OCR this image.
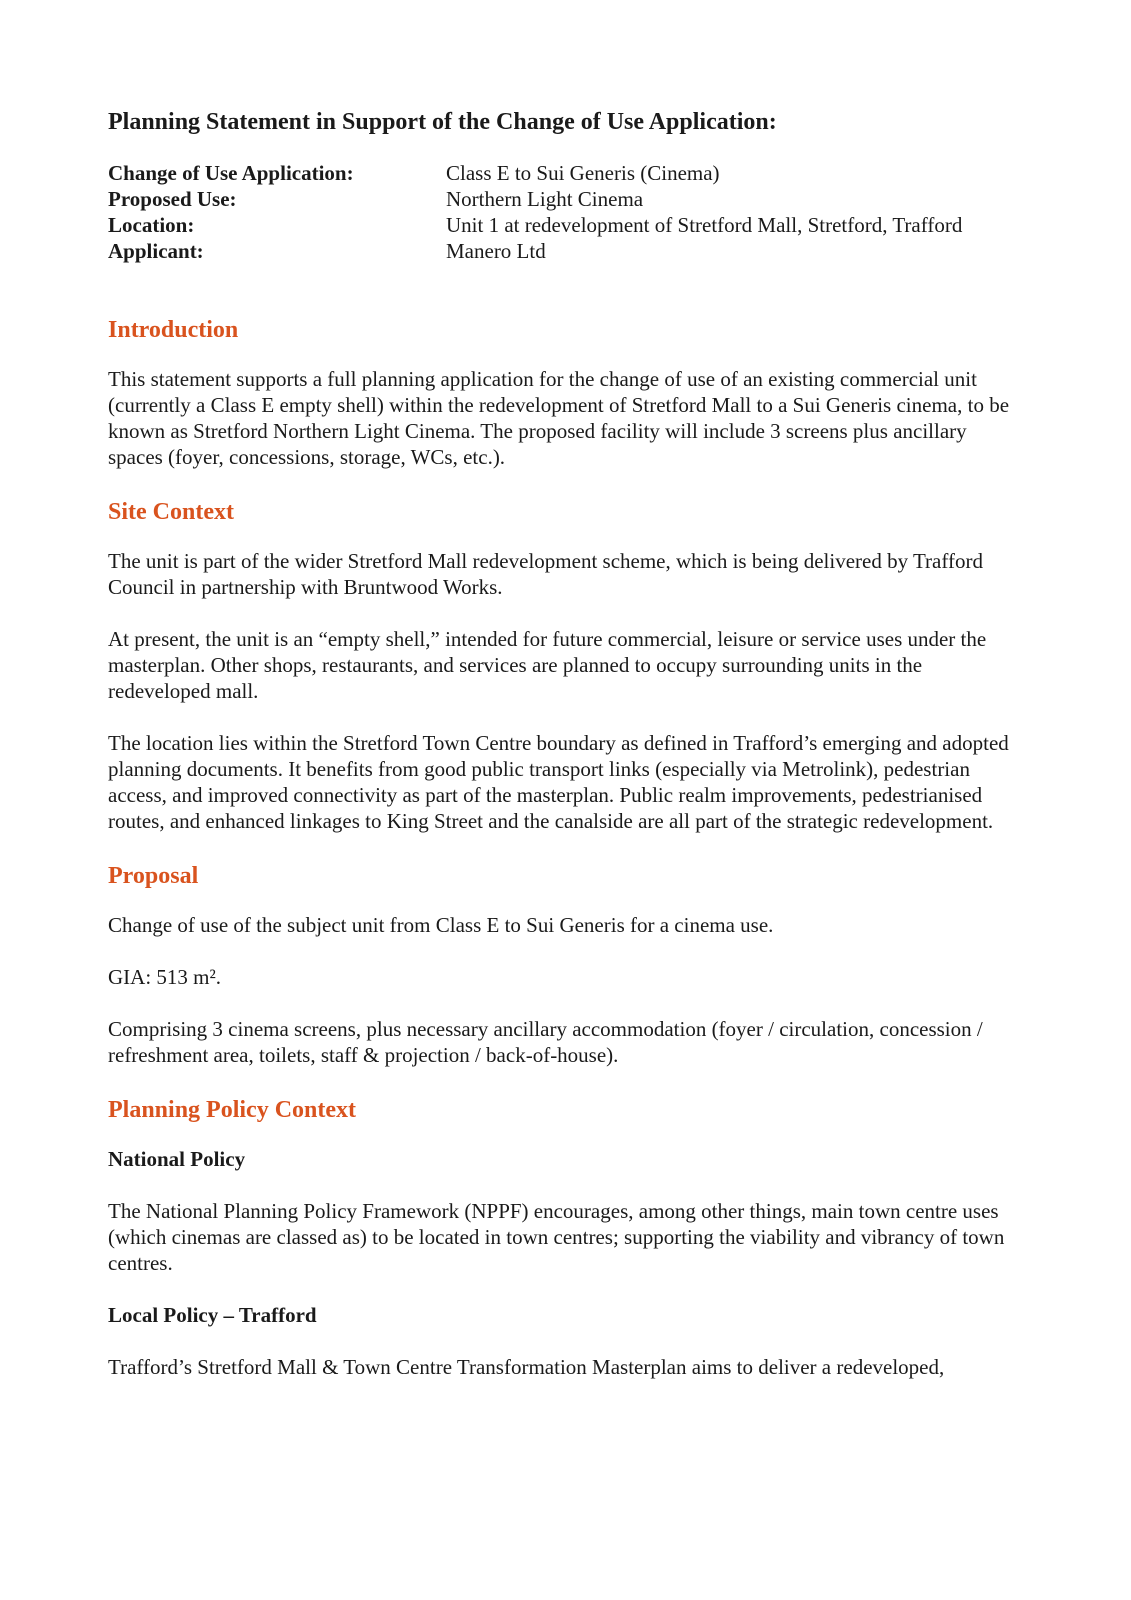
Planning Statement in Support of the Change of Use Application:
Change of Use Application:	Class E to Sui Generis (Cinema)
Proposed Use:	Northern Light Cinema
Location:	Unit 1 at redevelopment of Stretford Mall, Stretford, Trafford
Applicant:	Manero Ltd
Introduction

This statement supports a full planning application for the change of use of an existing commercial unit (currently a Class E empty shell) within the redevelopment of Stretford Mall to a Sui Generis cinema, to be known as Stretford Northern Light Cinema. The proposed facility will include 3 screens plus ancillary spaces (foyer, concessions, storage, WCs, etc.).

Site Context

The unit is part of the wider Stretford Mall redevelopment scheme, which is being delivered by Trafford Council in partnership with Bruntwood Works.

At present, the unit is an “empty shell,” intended for future commercial, leisure or service uses under the masterplan. Other shops, restaurants, and services are planned to occupy surrounding units in the redeveloped mall.

The location lies within the Stretford Town Centre boundary as defined in Trafford’s emerging and adopted planning documents. It benefits from good public transport links (especially via Metrolink), pedestrian access, and improved connectivity as part of the masterplan. Public realm improvements, pedestrianised routes, and enhanced linkages to King Street and the canalside are all part of the strategic redevelopment.

Proposal

Change of use of the subject unit from Class E to Sui Generis for a cinema use.

GIA: 513 m².

Comprising 3 cinema screens, plus necessary ancillary accommodation (foyer / circulation, concession / refreshment area, toilets, staff & projection / back-of-house).

Planning Policy Context
National Policy

The National Planning Policy Framework (NPPF) encourages, among other things, main town centre uses (which cinemas are classed as) to be located in town centres; supporting the viability and vibrancy of town centres.

Local Policy – Trafford

Trafford’s Stretford Mall & Town Centre Transformation Masterplan aims to deliver a redeveloped,
